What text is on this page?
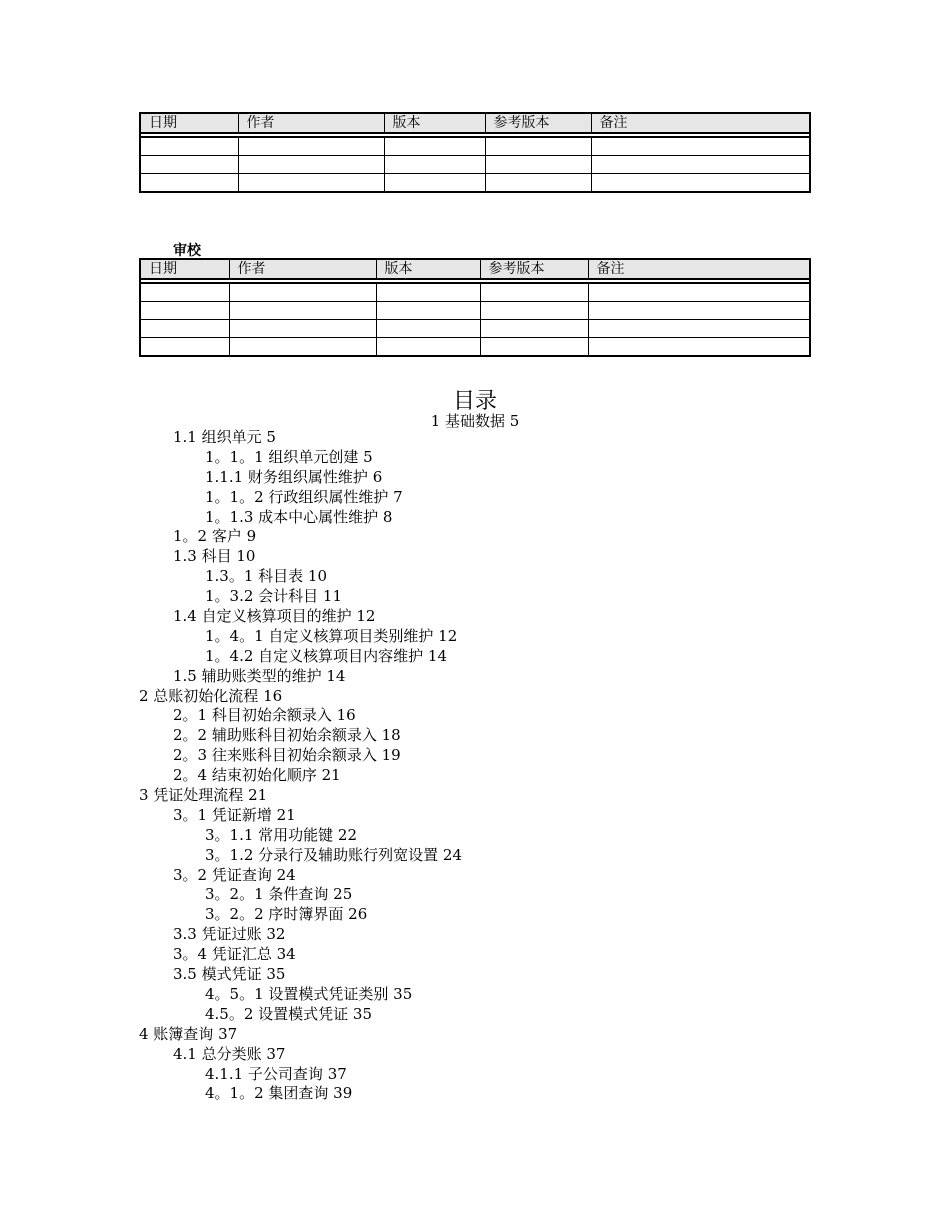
日期	作者	版本	参考版本	备注

审校
日期	作者	版本	参考版本	备注

目录
1 基础数据 5
1.1 组织单元 5
1。1。1 组织单元创建 5
1.1.1 财务组织属性维护 6
1。1。2 行政组织属性维护 7
1。1.3 成本中心属性维护 8
1。2 客户 9
1.3 科目 10
1.3。1 科目表 10
1。3.2 会计科目 11
1.4 自定义核算项目的维护 12
1。4。1 自定义核算项目类别维护 12
1。4.2 自定义核算项目内容维护 14
1.5 辅助账类型的维护 14
2 总账初始化流程 16
2。1 科目初始余额录入 16
2。2 辅助账科目初始余额录入 18
2。3 往来账科目初始余额录入 19
2。4 结束初始化顺序 21
3 凭证处理流程 21
3。1 凭证新增 21
3。1.1 常用功能键 22
3。1.2 分录行及辅助账行列宽设置 24
3。2 凭证查询 24
3。2。1 条件查询 25
3。2。2 序时簿界面 26
3.3 凭证过账 32
3。4 凭证汇总 34
3.5 模式凭证 35
4。5。1 设置模式凭证类别 35
4.5。2 设置模式凭证 35
4 账簿查询 37
4.1 总分类账 37
4.1.1 子公司查询 37
4。1。2 集团查询 39
